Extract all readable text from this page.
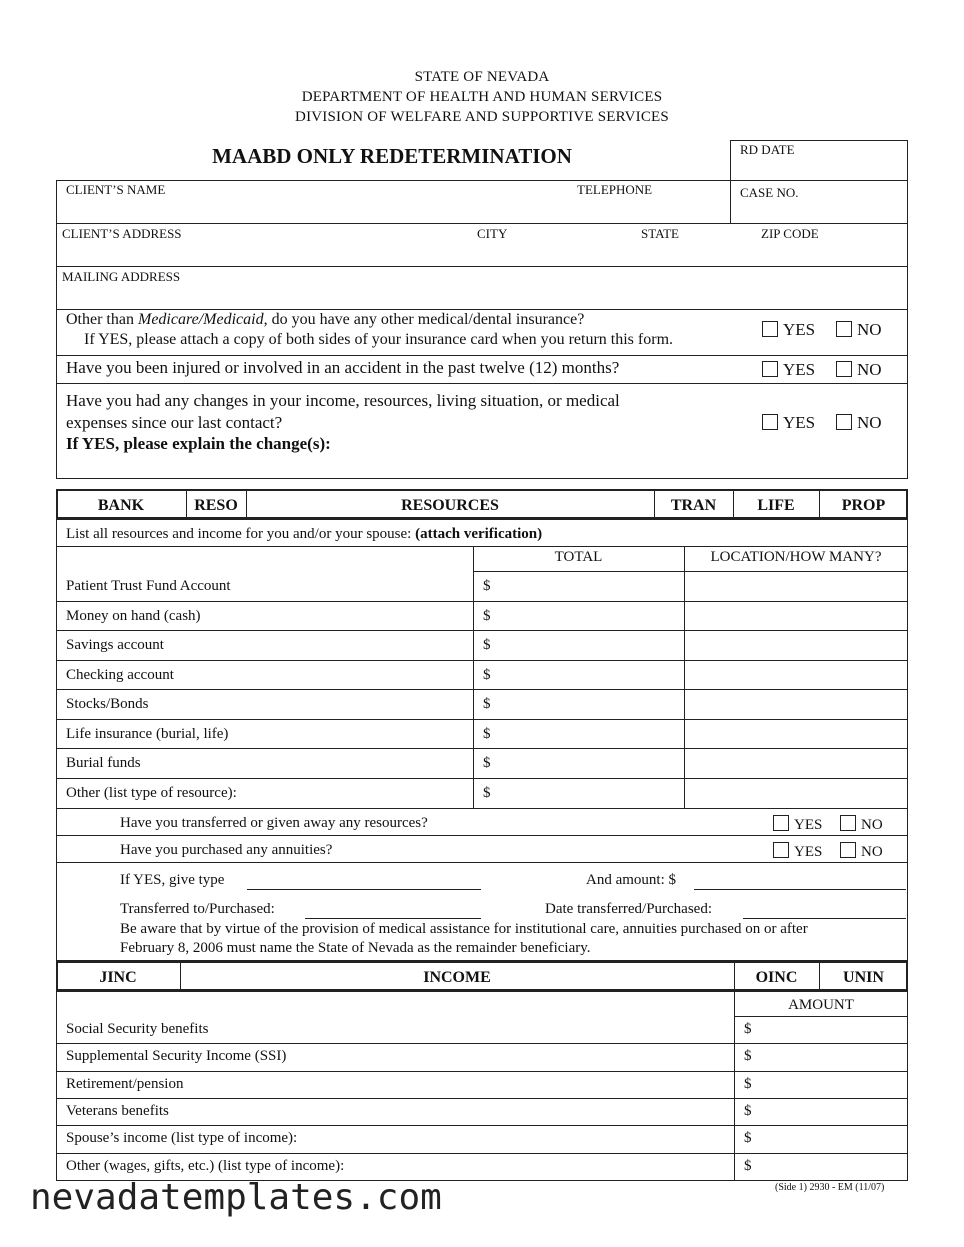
STATE OF NEVADA
DEPARTMENT OF HEALTH AND HUMAN SERVICES
DIVISION OF WELFARE AND SUPPORTIVE SERVICES
MAABD ONLY REDETERMINATION	RD DATE
CLIENT’S NAME	TELEPHONE	CASE NO.
CLIENT’S ADDRESS	CITY	STATE	ZIP CODE
MAILING ADDRESS
Other than Medicare/Medicaid, do you have any other medical/dental insurance?
If YES, please attach a copy of both sides of your insurance card when you return this form.
YES	NO
Have you been injured or involved in an accident in the past twelve (12) months?	YES	NO
Have you had any changes in your income, resources, living situation, or medical
expenses since our last contact?
If YES, please explain the change(s):
YES	NO
BANK	RESO	RESOURCES	TRAN	LIFE	PROP
List all resources and income for you and/or your spouse: (attach verification)
TOTAL	LOCATION/HOW MANY?
Patient Trust Fund Account	$
Money on hand (cash)	$
Savings account	$
Checking account	$
Stocks/Bonds	$
Life insurance (burial, life)	$
Burial funds	$
Other (list type of resource):	$
Have you transferred or given away any resources?	YES	NO
Have you purchased any annuities?	YES	NO
If YES, give type	And amount: $
Transferred to/Purchased:	Date transferred/Purchased:
Be aware that by virtue of the provision of medical assistance for institutional care, annuities purchased on or after
February 8, 2006 must name the State of Nevada as the remainder beneficiary.
JINC	INCOME	OINC	UNIN
AMOUNT
Social Security benefits	$
Supplemental Security Income (SSI)	$
Retirement/pension	$
Veterans benefits	$
Spouse’s income (list type of income):	$
Other (wages, gifts, etc.) (list type of income):	$
(Side 1) 2930 - EM (11/07)
nevadatemplates.com
